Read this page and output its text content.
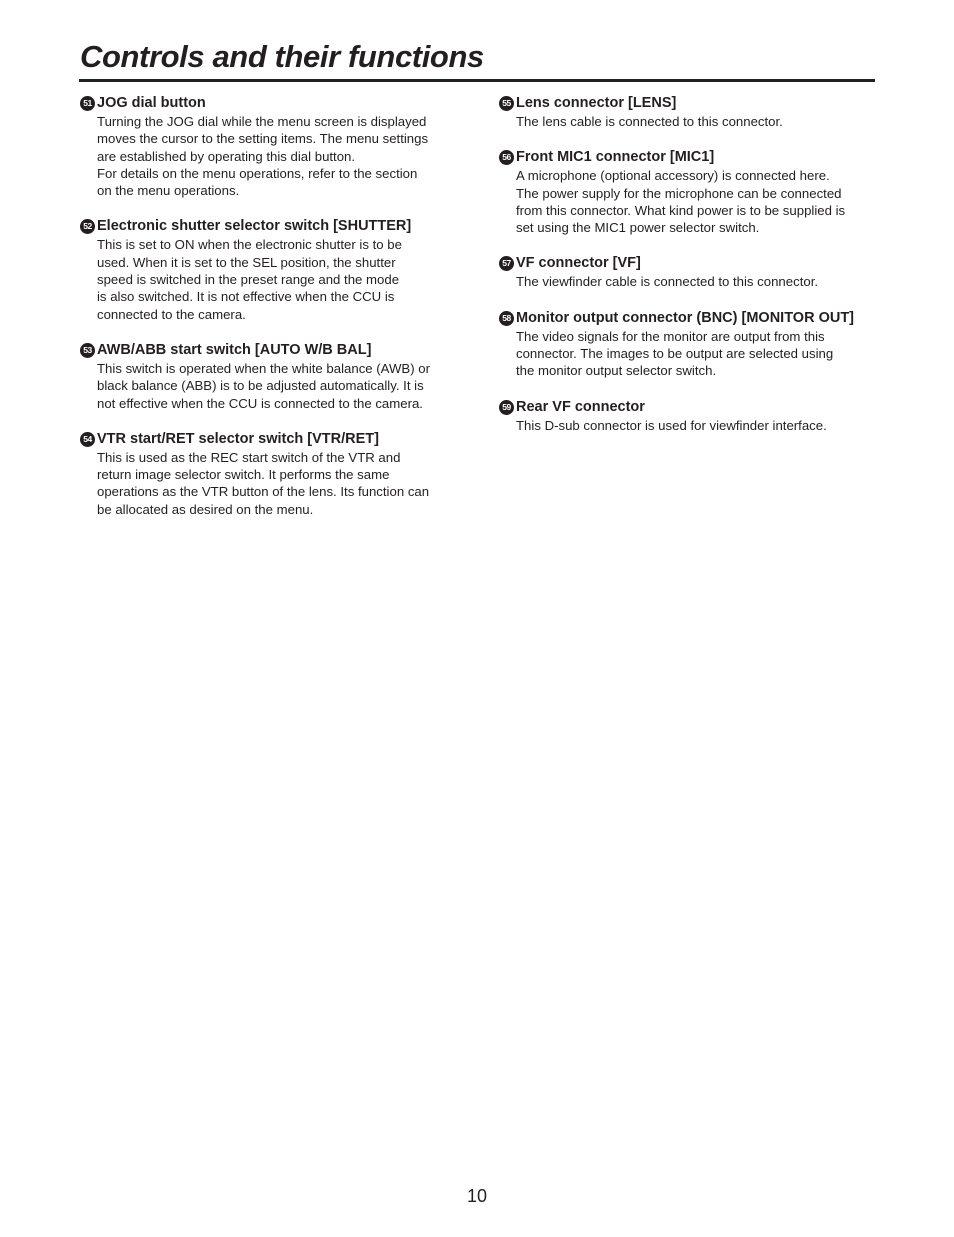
Controls and their functions
51 JOG dial button
Turning the JOG dial while the menu screen is displayed
moves the cursor to the setting items. The menu settings
are established by operating this dial button.
For details on the menu operations, refer to the section
on the menu operations.
52 Electronic shutter selector switch [SHUTTER]
This is set to ON when the electronic shutter is to be
used. When it is set to the SEL position, the shutter
speed is switched in the preset range and the mode
is also switched. It is not effective when the CCU is
connected to the camera.
53 AWB/ABB start switch [AUTO W/B BAL]
This switch is operated when the white balance (AWB) or
black balance (ABB) is to be adjusted automatically. It is
not effective when the CCU is connected to the camera.
54 VTR start/RET selector switch [VTR/RET]
This is used as the REC start switch of the VTR and
return image selector switch. It performs the same
operations as the VTR button of the lens. Its function can
be allocated as desired on the menu.
55 Lens connector [LENS]
The lens cable is connected to this connector.
56 Front MIC1 connector [MIC1]
A microphone (optional accessory) is connected here.
The power supply for the microphone can be connected
from this connector. What kind power is to be supplied is
set using the MIC1 power selector switch.
57 VF connector [VF]
The viewfinder cable is connected to this connector.
58 Monitor output connector (BNC) [MONITOR OUT]
The video signals for the monitor are output from this
connector. The images to be output are selected using
the monitor output selector switch.
59 Rear VF connector
This D-sub connector is used for viewfinder interface.
10
